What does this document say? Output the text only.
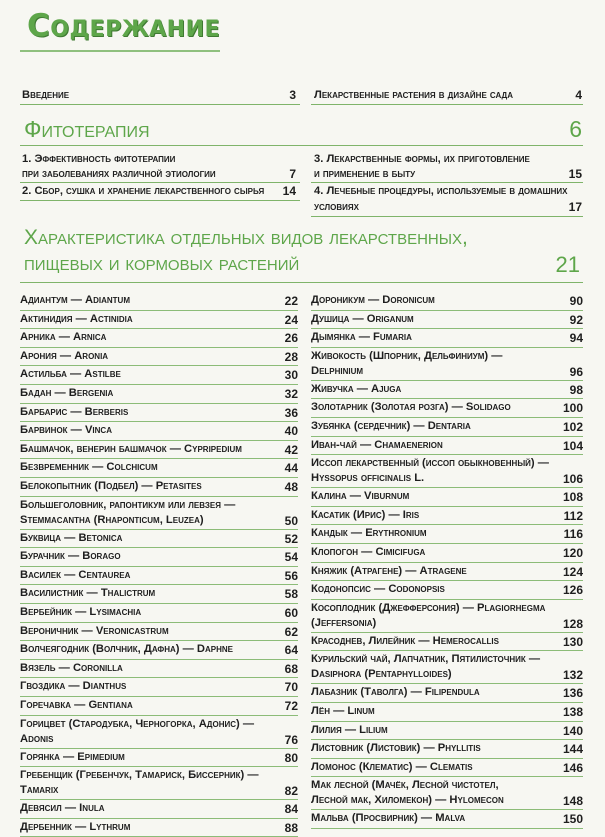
Содержание
Введение	3 Лекарственные растения в дизайне сада	4
Фитотерапия	6
1. Эффективность фитотерапии
при заболеваниях различной этиологии	7
2. Сбор, сушка и хранение лекарственного сырья	14
3. Лекарственные формы, их приготовление
и применение в быту	15
4. Лечебные процедуры, используемые в домашних
условиях	17
Характеристика отдельных видов лекарственных,
пищевых и кормовых растений	21
Адиантум — Adiantum	22
Актинидия — Actinidia	24
Арника — Arnica	26
Арония — Aronia	28
Астильба — Astilbe	30
Бадан — Bergenia	32
Барбарис — Berberis	36
Барвинок — Vinca	40
Башмачок, венерин башмачок — Cypripedium	42
Безвременник — Colchicum	44
Белокопытник (Подбел) — Petasites	48
Большеголовник, рапонтикум или левзея —
Stemmacantha (Rhaponticum, Leuzea)	50
Буквица — Betonica	52
Бурачник — Borago	54
Василек — Centaurea	56
Василистник — Thalictrum	58
Вербейник — Lysimachia	60
Вероничник — Veronicastrum	62
Волчеягодник (Волчник, Дафна) — Daphne	64
Вязель — Coronilla	68
Гвоздика — Dianthus	70
Горечавка — Gentiana	72
Горицвет (Стародубка, Черногорка, Адонис) —
Adonis	76
Горянка — Epimedium	80
Гребенщик (Гребенчук, Тамариск, Биссерник) —
Tamarix	82
Девясил — Inula	84
Дербенник — Lythrum	88
Дороникум — Doronicum	90
Душица — Origanum	92
Дымянка — Fumaria	94
Живокость (Шпорник, Дельфиниум) —
Delphinium	96
Живучка — Ajuga	98
Золотарник (Золотая розга) — Solidago	100
Зубянка (сердечник) — Dentaria	102
Иван-чай — Chamaenerion	104
Иссоп лекарственный (иссоп обыкновенный) —
Hyssopus officinalis L.	106
Калина — Viburnum	108
Касатик (Ирис) — Iris	112
Кандык — Erythronium	116
Клопогон — Cimicifuga	120
Княжик (Атрагене) — Atragene	124
Кодонопсис — Codonopsis	126
Косоплодник (Джефферсония) — Plagiorhegma
(Jeffersonia)	128
Красоднев, Лилейник — Hemerocallis	130
Курильский чай, Лапчатник, Пятилисточник —
Dasiphora (Pentaphylloides)	132
Лабазник (Таволга) — Filipendula	136
Лён — Linum	138
Лилия — Lilium	140
Листовник (Листовик) — Phyllitis	144
Ломонос (Клематис) — Clematis	146
Мак лесной (Мачёк, Лесной чистотел,
Лесной мак, Хиломекон) — Hylomecon	148
Мальва (Просвирник) — Malva	150
